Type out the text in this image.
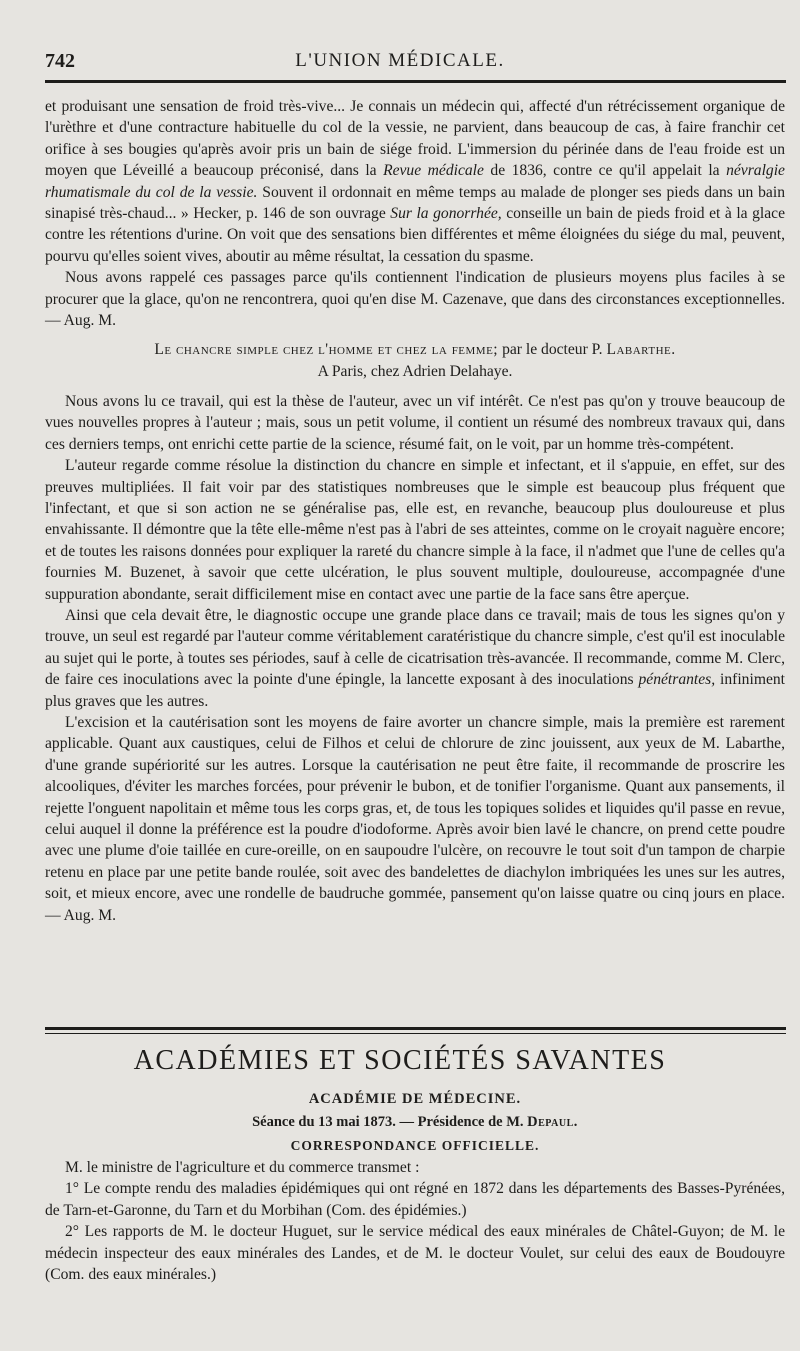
742	L'UNION MÉDICALE.

et produisant une sensation de froid très-vive... Je connais un médecin qui, affecté d'un rétrécissement organique de l'urèthre et d'une contracture habituelle du col de la vessie, ne parvient, dans beaucoup de cas, à faire franchir cet orifice à ses bougies qu'après avoir pris un bain de siége froid. L'immersion du périnée dans de l'eau froide est un moyen que Léveillé a beaucoup préconisé, dans la Revue médicale de 1836, contre ce qu'il appelait la névralgie rhumatismale du col de la vessie. Souvent il ordonnait en même temps au malade de plonger ses pieds dans un bain sinapisé très-chaud... » Hecker, p. 146 de son ouvrage Sur la gonorrhée, conseille un bain de pieds froid et à la glace contre les rétentions d'urine. On voit que des sensations bien différentes et même éloignées du siége du mal, peuvent, pourvu qu'elles soient vives, aboutir au même résultat, la cessation du spasme.

Nous avons rappelé ces passages parce qu'ils contiennent l'indication de plusieurs moyens plus faciles à se procurer que la glace, qu'on ne rencontrera, quoi qu'en dise M. Cazenave, que dans des circonstances exceptionnelles. — Aug. M.

Le chancre simple chez l'homme et chez la femme; par le docteur P. Labarthe.
A Paris, chez Adrien Delahaye.

Nous avons lu ce travail, qui est la thèse de l'auteur, avec un vif intérêt. Ce n'est pas qu'on y trouve beaucoup de vues nouvelles propres à l'auteur ; mais, sous un petit volume, il contient un résumé des nombreux travaux qui, dans ces derniers temps, ont enrichi cette partie de la science, résumé fait, on le voit, par un homme très-compétent.

L'auteur regarde comme résolue la distinction du chancre en simple et infectant, et il s'appuie, en effet, sur des preuves multipliées. Il fait voir par des statistiques nombreuses que le simple est beaucoup plus fréquent que l'infectant, et que si son action ne se généralise pas, elle est, en revanche, beaucoup plus douloureuse et plus envahissante. Il démontre que la tête elle-même n'est pas à l'abri de ses atteintes, comme on le croyait naguère encore; et de toutes les raisons données pour expliquer la rareté du chancre simple à la face, il n'admet que l'une de celles qu'a fournies M. Buzenet, à savoir que cette ulcération, le plus souvent multiple, douloureuse, accompagnée d'une suppuration abondante, serait difficilement mise en contact avec une partie de la face sans être aperçue.

Ainsi que cela devait être, le diagnostic occupe une grande place dans ce travail; mais de tous les signes qu'on y trouve, un seul est regardé par l'auteur comme véritablement caratéristique du chancre simple, c'est qu'il est inoculable au sujet qui le porte, à toutes ses périodes, sauf à celle de cicatrisation très-avancée. Il recommande, comme M. Clerc, de faire ces inoculations avec la pointe d'une épingle, la lancette exposant à des inoculations pénétrantes, infiniment plus graves que les autres.

L'excision et la cautérisation sont les moyens de faire avorter un chancre simple, mais la première est rarement applicable. Quant aux caustiques, celui de Filhos et celui de chlorure de zinc jouissent, aux yeux de M. Labarthe, d'une grande supériorité sur les autres. Lorsque la cautérisation ne peut être faite, il recommande de proscrire les alcooliques, d'éviter les marches forcées, pour prévenir le bubon, et de tonifier l'organisme. Quant aux pansements, il rejette l'onguent napolitain et même tous les corps gras, et, de tous les topiques solides et liquides qu'il passe en revue, celui auquel il donne la préférence est la poudre d'iodoforme. Après avoir bien lavé le chancre, on prend cette poudre avec une plume d'oie taillée en cure-oreille, on en saupoudre l'ulcère, on recouvre le tout soit d'un tampon de charpie retenu en place par une petite bande roulée, soit avec des bandelettes de diachylon imbriquées les unes sur les autres, soit, et mieux encore, avec une rondelle de baudruche gommée, pansement qu'on laisse quatre ou cinq jours en place. — Aug. M.

ACADÉMIES ET SOCIÉTÉS SAVANTES
ACADÉMIE DE MÉDECINE.
Séance du 13 mai 1873. — Présidence de M. Depaul.
CORRESPONDANCE OFFICIELLE.

M. le ministre de l'agriculture et du commerce transmet :

1° Le compte rendu des maladies épidémiques qui ont régné en 1872 dans les départements des Basses-Pyrénées, de Tarn-et-Garonne, du Tarn et du Morbihan (Com. des épidémies.)

2° Les rapports de M. le docteur Huguet, sur le service médical des eaux minérales de Châtel-Guyon; de M. le médecin inspecteur des eaux minérales des Landes, et de M. le docteur Voulet, sur celui des eaux de Boudouyre (Com. des eaux minérales.)
